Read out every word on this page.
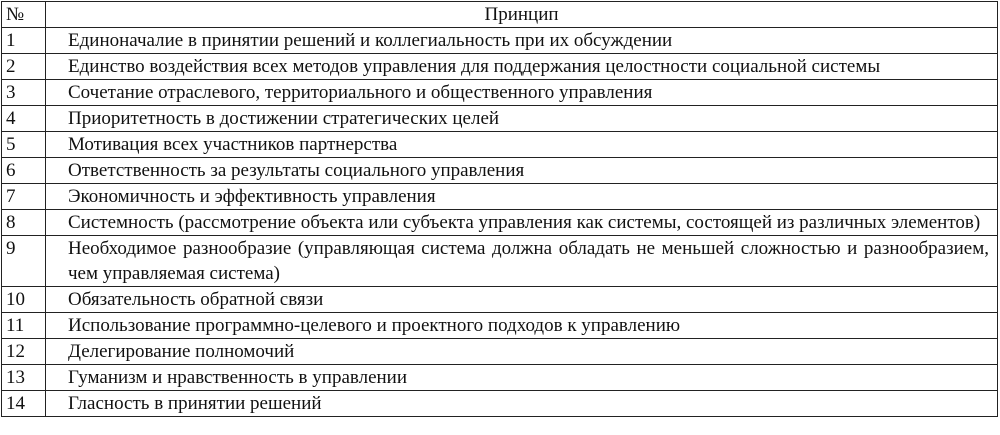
№	Принцип
1	Единоначалие в принятии решений и коллегиальность при их обсуждении
2	Единство воздействия всех методов управления для поддержания целостности социальной системы
3	Сочетание отраслевого, территориального и общественного управления
4	Приоритетность в достижении стратегических целей
5	Мотивация всех участников партнерства
6	Ответственность за результаты социального управления
7	Экономичность и эффективность управления
8	Системность (рассмотрение объекта или субъекта управления как системы, состоящей из различных элементов)
9	Необходимое разнообразие (управляющая система должна обладать не меньшей сложностью и разнообразием, чем управляемая система)
10	Обязательность обратной связи
11	Использование программно-целевого и проектного подходов к управлению
12	Делегирование полномочий
13	Гуманизм и нравственность в управлении
14	Гласность в принятии решений
